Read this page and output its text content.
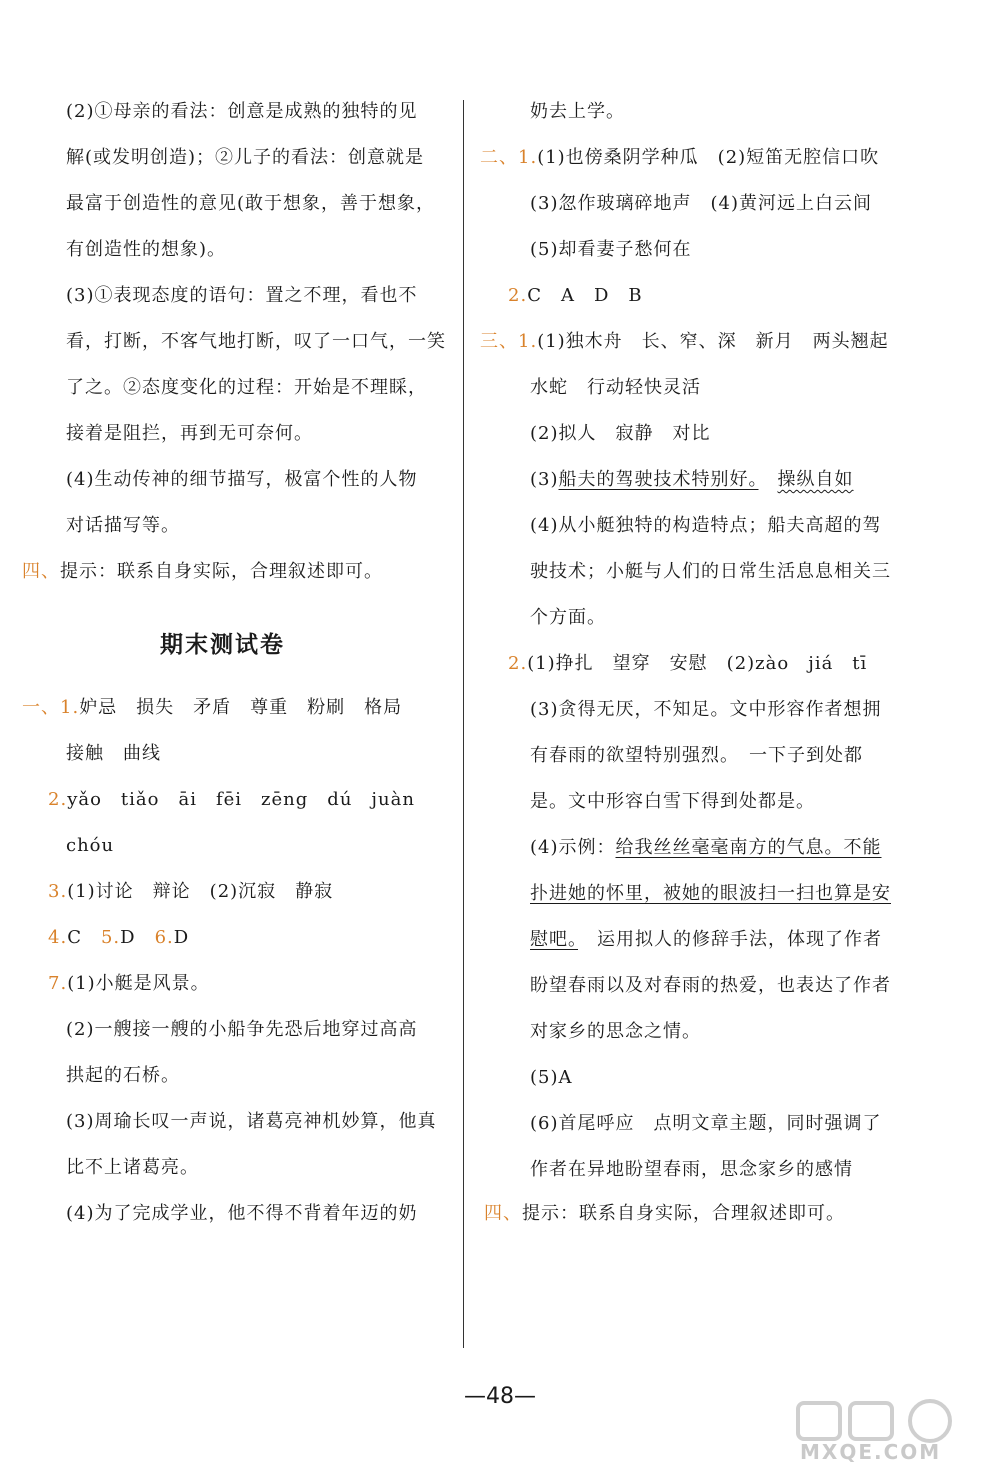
(2)①母亲的看法：创意是成熟的独特的见
解(或发明创造)；②儿子的看法：创意就是
最富于创造性的意见(敢于想象，善于想象，
有创造性的想象)。
(3)①表现态度的语句：置之不理，看也不
看，打断，不客气地打断，叹了一口气，一笑
了之。②态度变化的过程：开始是不理睬，
接着是阻拦，再到无可奈何。
(4)生动传神的细节描写，极富个性的人物
对话描写等。
四、提示：联系自身实际，合理叙述即可。
一、1.妒忌　损失　矛盾　尊重　粉刷　格局
接触　曲线
2.yǎo　tiǎo　āi　fēi　zēng　dú　juàn
chóu
3.(1)讨论　辩论　(2)沉寂　静寂
4.C　5.D　6.D
7.(1)小艇是风景。
(2)一艘接一艘的小船争先恐后地穿过高高
拱起的石桥。
(3)周瑜长叹一声说，诸葛亮神机妙算，他真
比不上诸葛亮。
(4)为了完成学业，他不得不背着年迈的奶
期末测试卷
奶去上学。
二、1.(1)也傍桑阴学种瓜　(2)短笛无腔信口吹
(3)忽作玻璃碎地声　(4)黄河远上白云间
(5)却看妻子愁何在
2.C　A　D　B
三、1.(1)独木舟　长、窄、深　新月　两头翘起
水蛇　行动轻快灵活
(2)拟人　寂静　对比
(3)船夫的驾驶技术特别好。　 操纵自如
(4)从小艇独特的构造特点；船夫高超的驾
驶技术；小艇与人们的日常生活息息相关三
个方面。
2.(1)挣扎　望穿　安慰　(2)zào　jiá　tī
(3)贪得无厌，不知足。文中形容作者想拥
有春雨的欲望特别强烈。　一下子到处都
是。文中形容白雪下得到处都是。
(4)示例：给我丝丝毫毫南方的气息。不能
扑进她的怀里，被她的眼波扫一扫也算是安
慰吧。　运用拟人的修辞手法，体现了作者
盼望春雨以及对春雨的热爱，也表达了作者
对家乡的思念之情。
(5)A
(6)首尾呼应　点明文章主题，同时强调了
作者在异地盼望春雨，思念家乡的感情
四、提示：联系自身实际，合理叙述即可。
—48—
MXQE.COM
